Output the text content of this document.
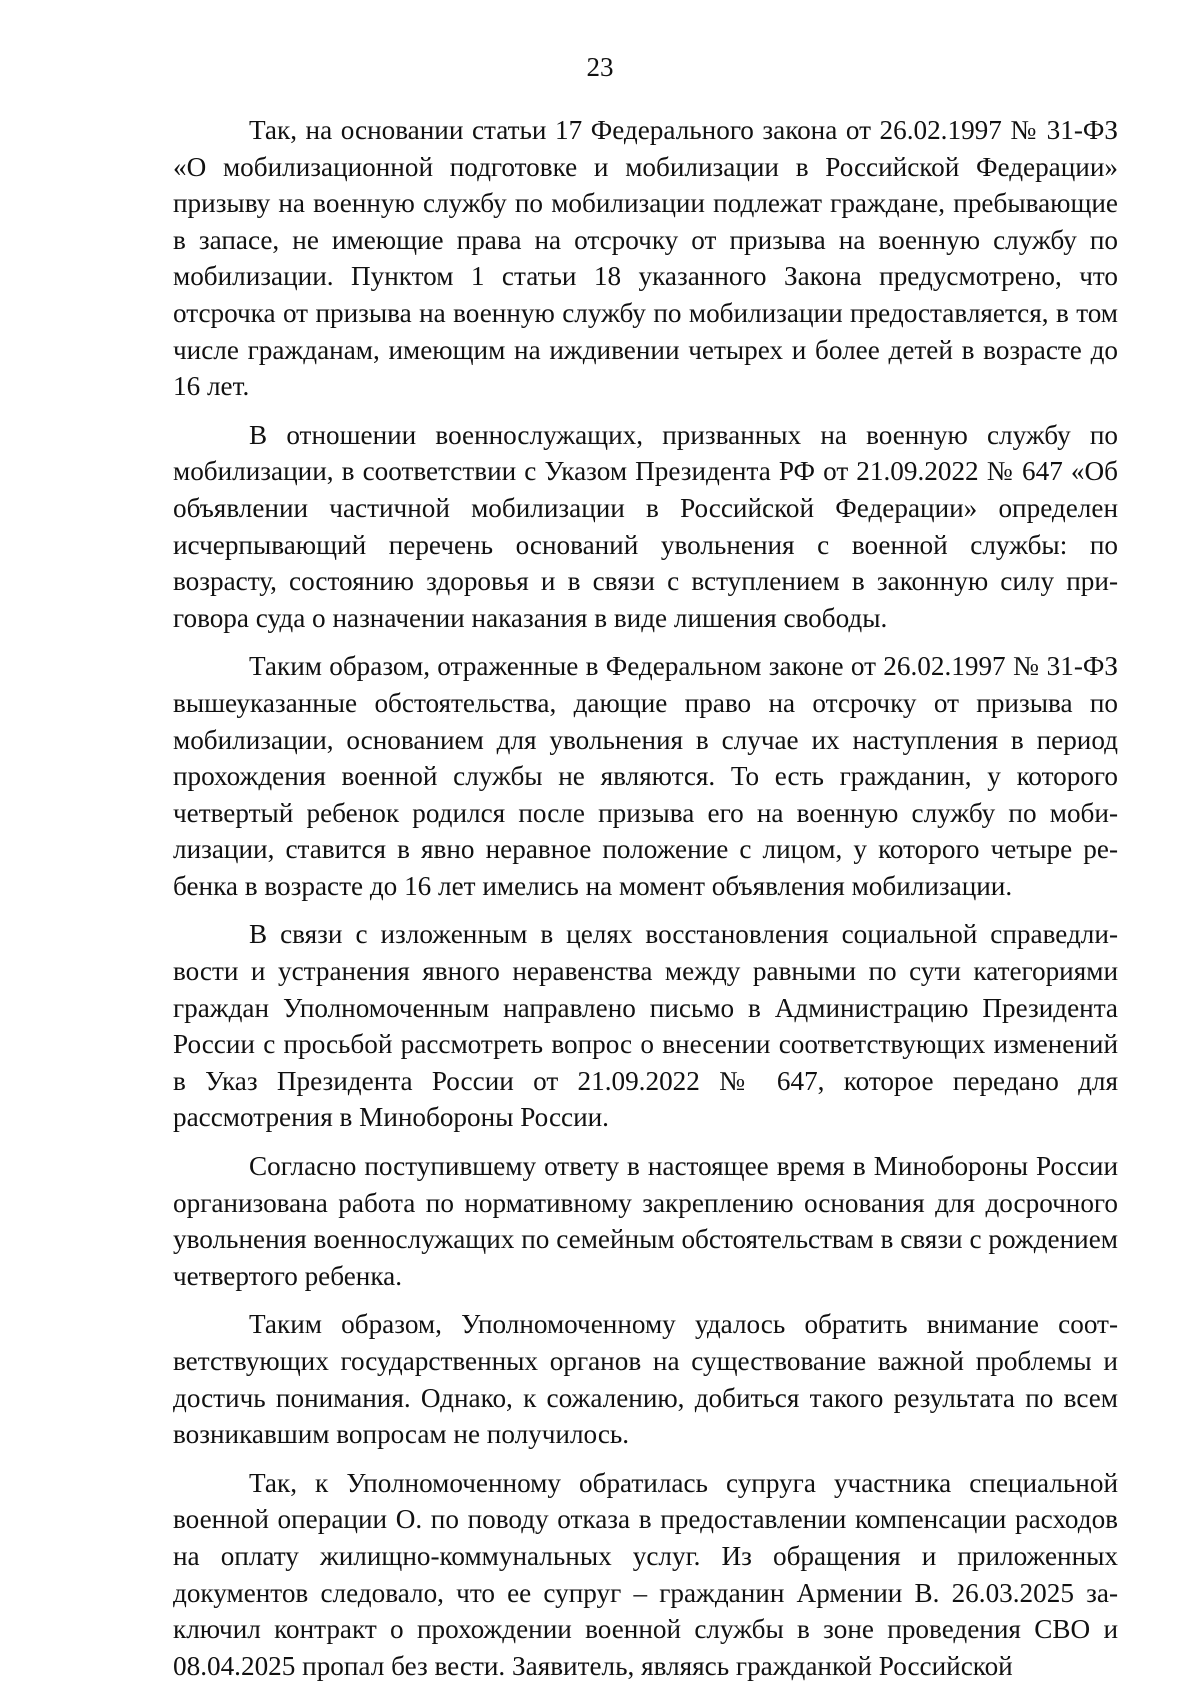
23

Так, на основании статьи 17 Федерального закона от 26.02.1997 № 31-ФЗ «О мобилизационной подготовке и мобилизации в Российской Федерации» призыву на военную службу по мобилизации подлежат граждане, пребывающие в запасе, не имеющие права на отсрочку от призыва на военную службу по мобилизации. Пунктом 1 статьи 18 указанного Закона предусмотрено, что отсрочка от призыва на военную службу по мобилизации предоставляется, в том числе гражданам, имеющим на иждивении четырех и более детей в возрасте до 16 лет.

В отношении военнослужащих, призванных на военную службу по мобилизации, в соответствии с Указом Президента РФ от 21.09.2022 № 647 «Об объявлении частичной мобилизации в Российской Федерации» определен исчерпывающий перечень оснований увольнения с военной службы: по возрасту, состоянию здоровья и в связи с вступлением в законную силу приговора суда о назначении наказания в виде лишения свободы.

Таким образом, отраженные в Федеральном законе от 26.02.1997 № 31-ФЗ вышеуказанные обстоятельства, дающие право на отсрочку от призыва по мобилизации, основанием для увольнения в случае их наступления в период прохождения военной службы не являются. То есть гражданин, у которого четвертый ребенок родился после призыва его на военную службу по мобилизации, ставится в явно неравное положение с лицом, у которого четыре ребенка в возрасте до 16 лет имелись на момент объявления мобилизации.

В связи с изложенным в целях восстановления социальной справедливости и устранения явного неравенства между равными по сути категориями граждан Уполномоченным направлено письмо в Администрацию Президента России с просьбой рассмотреть вопрос о внесении соответствующих изменений в Указ Президента России от 21.09.2022 № 647, которое передано для рассмотрения в Минобороны России.

Согласно поступившему ответу в настоящее время в Минобороны России организована работа по нормативному закреплению основания для досрочного увольнения военнослужащих по семейным обстоятельствам в связи с рождением четвертого ребенка.

Таким образом, Уполномоченному удалось обратить внимание соответствующих государственных органов на существование важной проблемы и достичь понимания. Однако, к сожалению, добиться такого результата по всем возникавшим вопросам не получилось.

Так, к Уполномоченному обратилась супруга участника специальной военной операции О. по поводу отказа в предоставлении компенсации расходов на оплату жилищно-коммунальных услуг. Из обращения и приложенных документов следовало, что ее супруг – гражданин Армении В. 26.03.2025 заключил контракт о прохождении военной службы в зоне проведения СВО и 08.04.2025 пропал без вести. Заявитель, являясь гражданкой Российской
